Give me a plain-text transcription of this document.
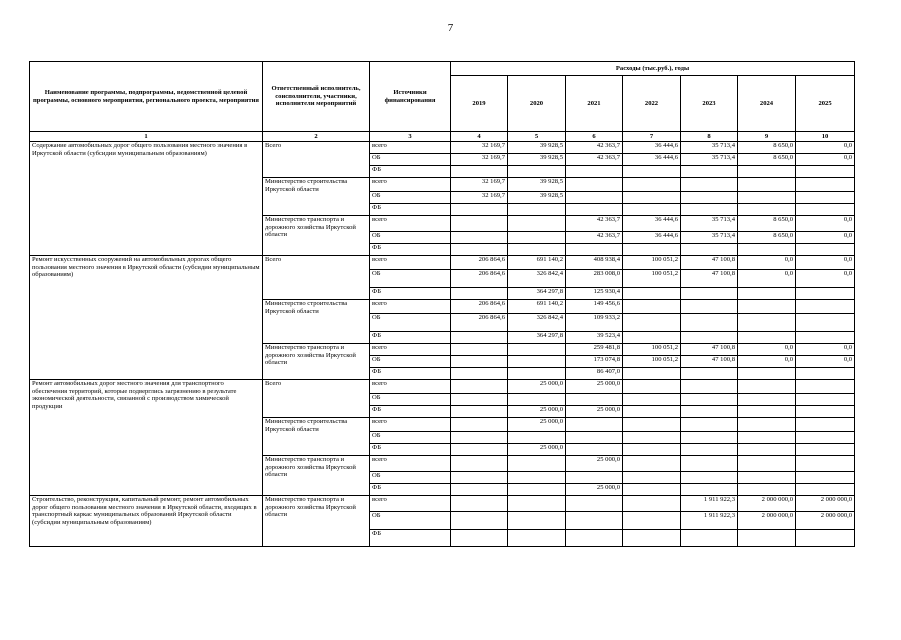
7
Наименование программы, подпрограммы, ведомственной целевой программы, основного мероприятия, регионального проекта, мероприятия	Ответственный исполнитель, соисполнители, участники, исполнители мероприятий	Источники финансирования	Расходы (тыс.руб.), годы						
			2019	2020	2021	2022	2023	2024	2025
1	2	3	4	5	6	7	8	9	10
Содержание автомобильных дорог общего пользования местного значения в Иркутской области (субсидии муниципальным образованиям)	Всего	всего	32 169,7	39 928,5	42 363,7	36 444,6	35 713,4	8 650,0	0,0
		ОБ	32 169,7	39 928,5	42 363,7	36 444,6	35 713,4	8 650,0	0,0
		ФБ							
	Министерство строительства Иркутской области	всего	32 169,7	39 928,5					
		ОБ	32 169,7	39 928,5					
		ФБ							
	Министерство транспорта и дорожного хозяйства Иркутской области	всего			42 363,7	36 444,6	35 713,4	8 650,0	0,0
		ОБ			42 363,7	36 444,6	35 713,4	8 650,0	0,0
		ФБ							
Ремонт искусственных сооружений на автомобильных дорогах общего пользования местного значения в Иркутской области (субсидии муниципальным образованиям)	Всего	всего	206 864,6	691 140,2	408 938,4	100 051,2	47 100,8	0,0	0,0
		ОБ	206 864,6	326 842,4	283 008,0	100 051,2	47 100,8	0,0	0,0
		ФБ		364 297,8	125 930,4				
	Министерство строительства Иркутской области	всего	206 864,6	691 140,2	149 456,6				
		ОБ	206 864,6	326 842,4	109 933,2				
		ФБ		364 297,8	39 523,4				
	Министерство транспорта и дорожного хозяйства Иркутской области	всего			259 481,8	100 051,2	47 100,8	0,0	0,0
		ОБ			173 074,8	100 051,2	47 100,8	0,0	0,0
		ФБ			86 407,0				
Ремонт автомобильных дорог местного значения для транспортного обеспечения территорий, которые подверглись загрязнению в результате экономической деятельности, связанной с производством химической продукции	Всего	всего		25 000,0	25 000,0				
		ОБ							
		ФБ		25 000,0	25 000,0				
	Министерство строительства Иркутской области	всего		25 000,0					
		ОБ							
		ФБ		25 000,0					
	Министерство транспорта и дорожного хозяйства Иркутской области	всего			25 000,0				
		ОБ							
		ФБ			25 000,0				
Строительство, реконструкция, капитальный ремонт, ремонт автомобильных дорог общего пользования местного значения в Иркутской области, входящих в транспортный каркас муниципальных образований Иркутской области (субсидии муниципальным образованиям)	Министерство транспорта и дорожного хозяйства Иркутской области	всего					1 911 922,3	2 000 000,0	2 000 000,0
		ОБ					1 911 922,3	2 000 000,0	2 000 000,0
		ФБ							
